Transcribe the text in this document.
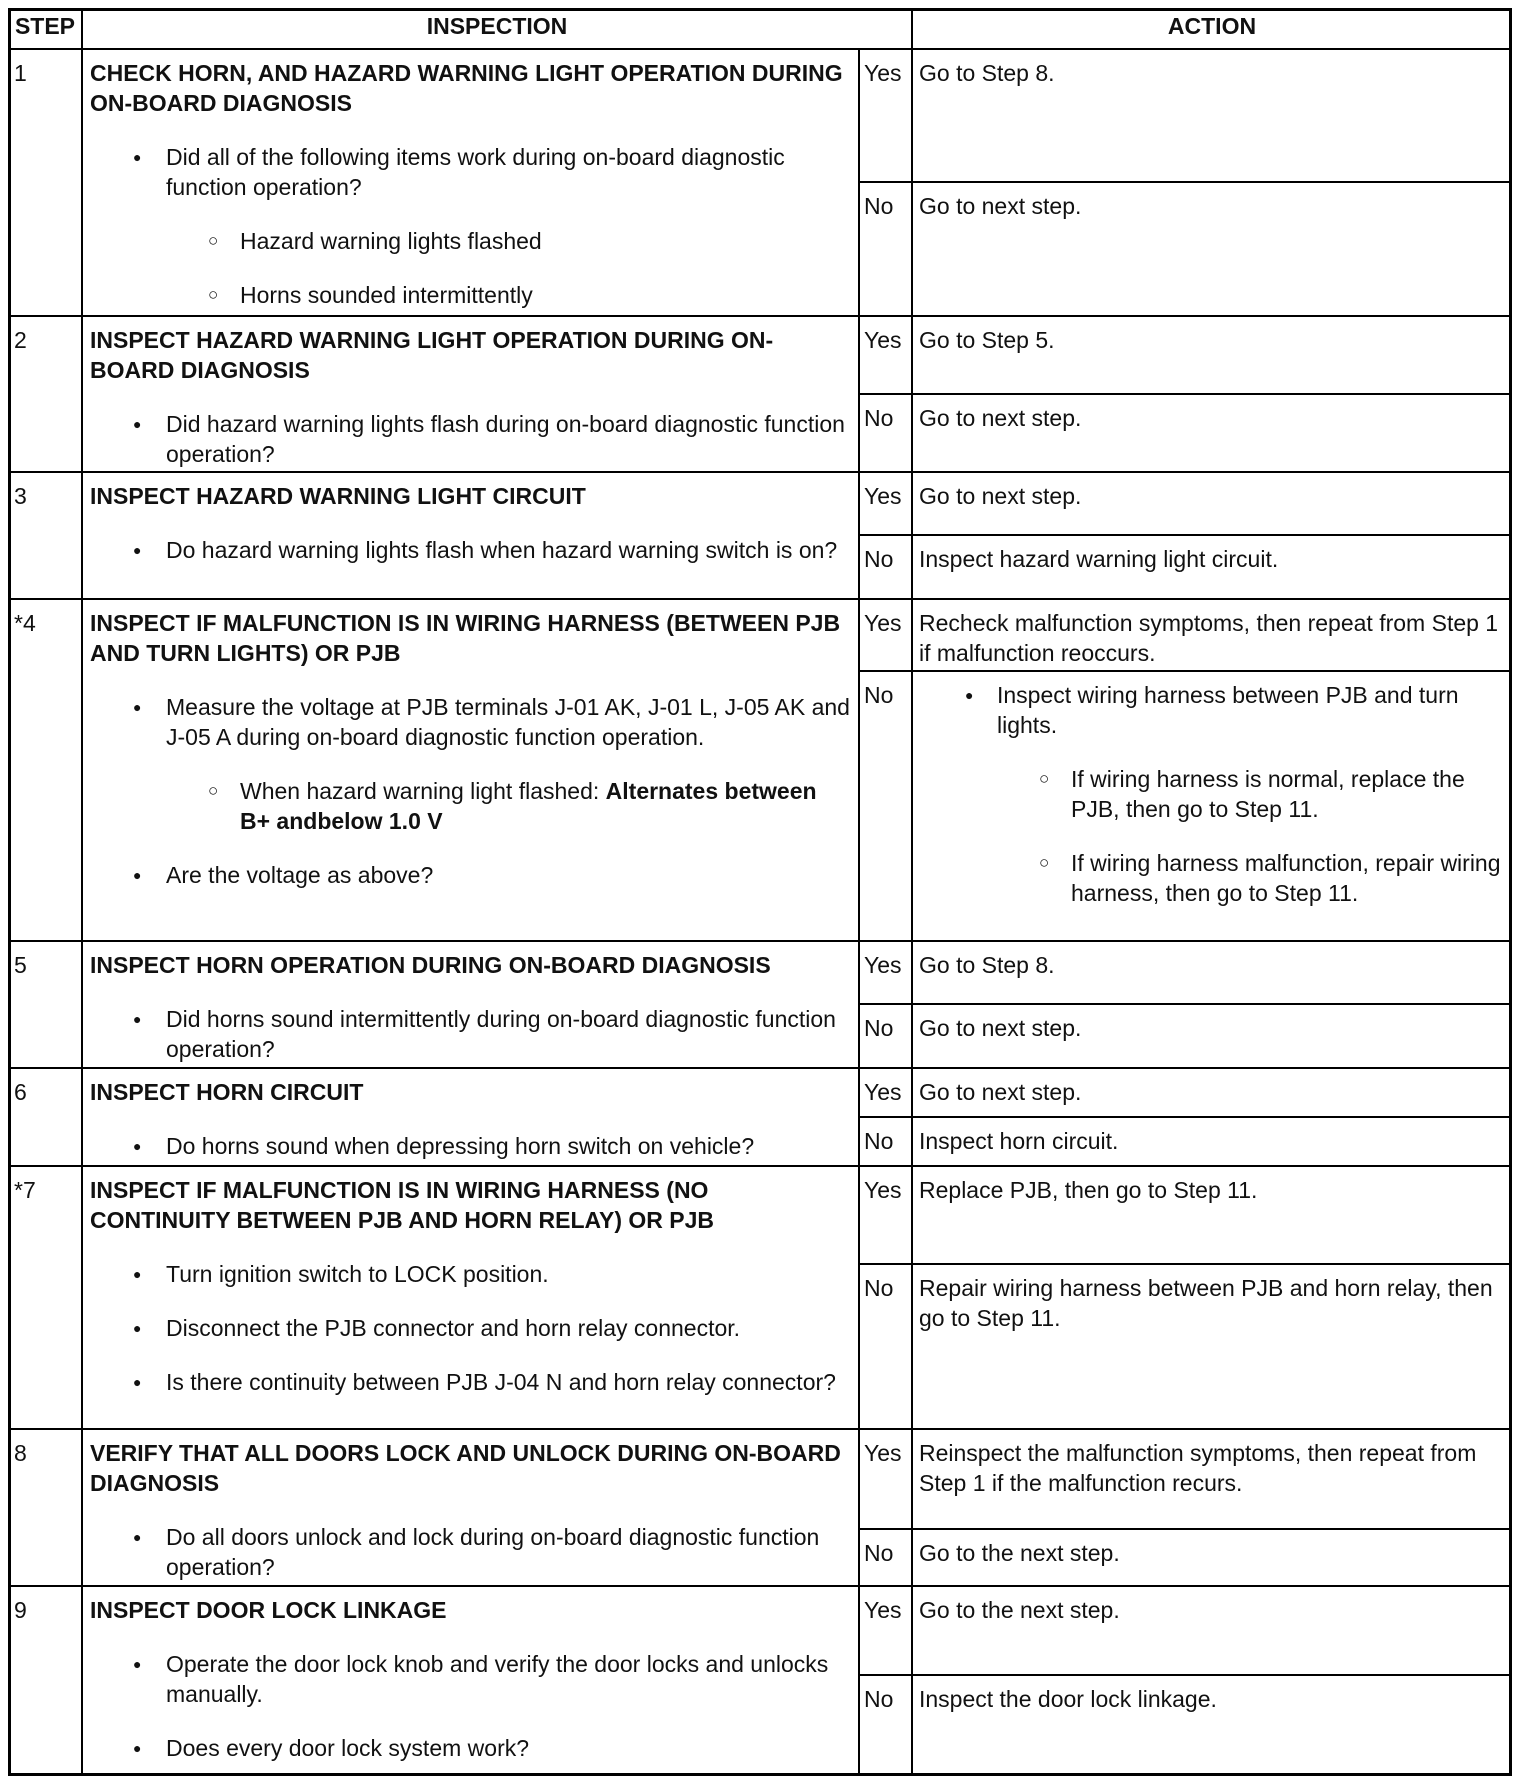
STEP	INSPECTION	ACTION
1	CHECK HORN, AND HAZARD WARNING LIGHT OPERATION DURING ON-BOARD DIAGNOSIS

● Did all of the following items work during on-board diagnostic function operation?

○ Hazard warning lights flashed

○ Horns sounded intermittently

Yes Go to Step 8.
No	Go to next step.
2	INSPECT HAZARD WARNING LIGHT OPERATION DURING ON-BOARD DIAGNOSIS

● Did hazard warning lights flash during on-board diagnostic function operation?

Yes Go to Step 5.
No	Go to next step.
3	INSPECT HAZARD WARNING LIGHT CIRCUIT

● Do hazard warning lights flash when hazard warning switch is on?

Yes Go to next step.
No	Inspect hazard warning light circuit.
*4	INSPECT IF MALFUNCTION IS IN WIRING HARNESS (BETWEEN PJB AND TURN LIGHTS) OR PJB

● Measure the voltage at PJB terminals J-01 AK, J-01 L, J-05 AK and J-05 A during on-board diagnostic function operation.

○ When hazard warning light flashed: Alternates between B+ andbelow 1.0 V

● Are the voltage as above?

Yes Recheck malfunction symptoms, then repeat from Step 1 if malfunction reoccurs.
No

●	Inspect wiring harness between PJB and turn lights.

○ If wiring harness is normal, replace the PJB, then go to Step 11.

○ If wiring harness malfunction, repair wiring harness, then go to Step 11.

5	INSPECT HORN OPERATION DURING ON-BOARD DIAGNOSIS

● Did horns sound intermittently during on-board diagnostic function operation?

Yes Go to Step 8.
No	Go to next step.
6	INSPECT HORN CIRCUIT

● Do horns sound when depressing horn switch on vehicle?

Yes Go to next step.
No	Inspect horn circuit.
*7	INSPECT IF MALFUNCTION IS IN WIRING HARNESS (NO CONTINUITY BETWEEN PJB AND HORN RELAY) OR PJB

● Turn ignition switch to LOCK position.

● Disconnect the PJB connector and horn relay connector.

● Is there continuity between PJB J-04 N and horn relay connector?

Yes Replace PJB, then go to Step 11.
No	Repair wiring harness between PJB and horn relay, then go to Step 11.
8	VERIFY THAT ALL DOORS LOCK AND UNLOCK DURING ON-BOARD DIAGNOSIS

● Do all doors unlock and lock during on-board diagnostic function operation?

Yes Reinspect the malfunction symptoms, then repeat from Step 1 if the malfunction recurs.
No	Go to the next step.
9	INSPECT DOOR LOCK LINKAGE

● Operate the door lock knob and verify the door locks and unlocks manually.

● Does every door lock system work?

Yes Go to the next step.
No	Inspect the door lock linkage.
